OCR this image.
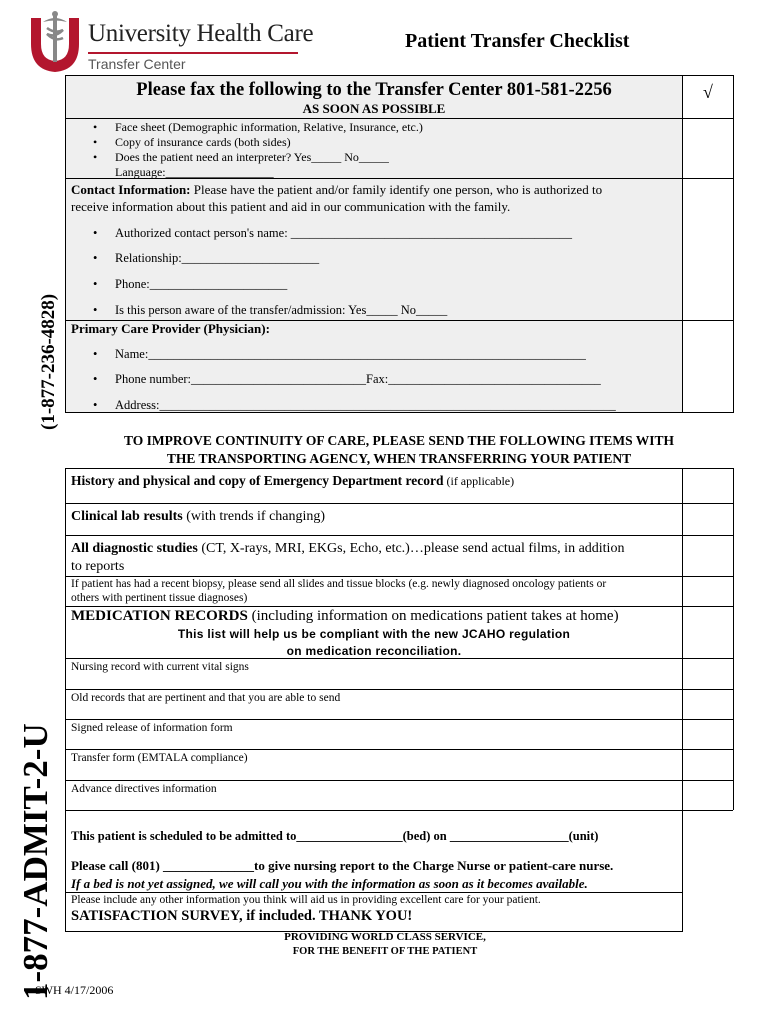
University Health Care
Transfer Center
Patient Transfer Checklist
1-877-ADMIT-2-U
(1-877-236-4828)
Please fax the following to the Transfer Center 801-581-2256
AS SOON AS POSSIBLE
√
• Face sheet (Demographic information, Relative, Insurance, etc.)
• Copy of insurance cards (both sides)
• Does the patient need an interpreter? Yes_____ No_____
Language:__________________
Contact Information: Please have the patient and/or family identify one person, who is authorized to
receive information about this patient and aid in our communication with the family.
• Authorized contact person's name: _____________________________________________
• Relationship:______________________
• Phone:______________________
• Is this person aware of the transfer/admission: Yes_____ No_____
Primary Care Provider (Physician):
• Name:______________________________________________________________________
• Phone number:____________________________Fax:__________________________________
• Address:_________________________________________________________________________
TO IMPROVE CONTINUITY OF CARE, PLEASE SEND THE FOLLOWING ITEMS WITH
THE TRANSPORTING AGENCY, WHEN TRANSFERRING YOUR PATIENT
History and physical and copy of Emergency Department record (if applicable)
Clinical lab results (with trends if changing)
All diagnostic studies (CT, X-rays, MRI, EKGs, Echo, etc.)…please send actual films, in addition
to reports
If patient has had a recent biopsy, please send all slides and tissue blocks (e.g. newly diagnosed oncology patients or
others with pertinent tissue diagnoses)
MEDICATION RECORDS (including information on medications patient takes at home)
This list will help us be compliant with the new JCAHO regulation
on medication reconciliation.
Nursing record with current vital signs
Old records that are pertinent and that you are able to send
Signed release of information form
Transfer form (EMTALA compliance)
Advance directives information
This patient is scheduled to be admitted to_________________(bed) on ___________________(unit)
Please call (801) ______________to give nursing report to the Charge Nurse or patient-care nurse.
If a bed is not yet assigned, we will call you with the information as soon as it becomes available.
Please include any other information you think will aid us in providing excellent care for your patient.
SATISFACTION SURVEY, if included. THANK YOU!
PROVIDING WORLD CLASS SERVICE,
FOR THE BENEFIT OF THE PATIENT
SWH 4/17/2006
